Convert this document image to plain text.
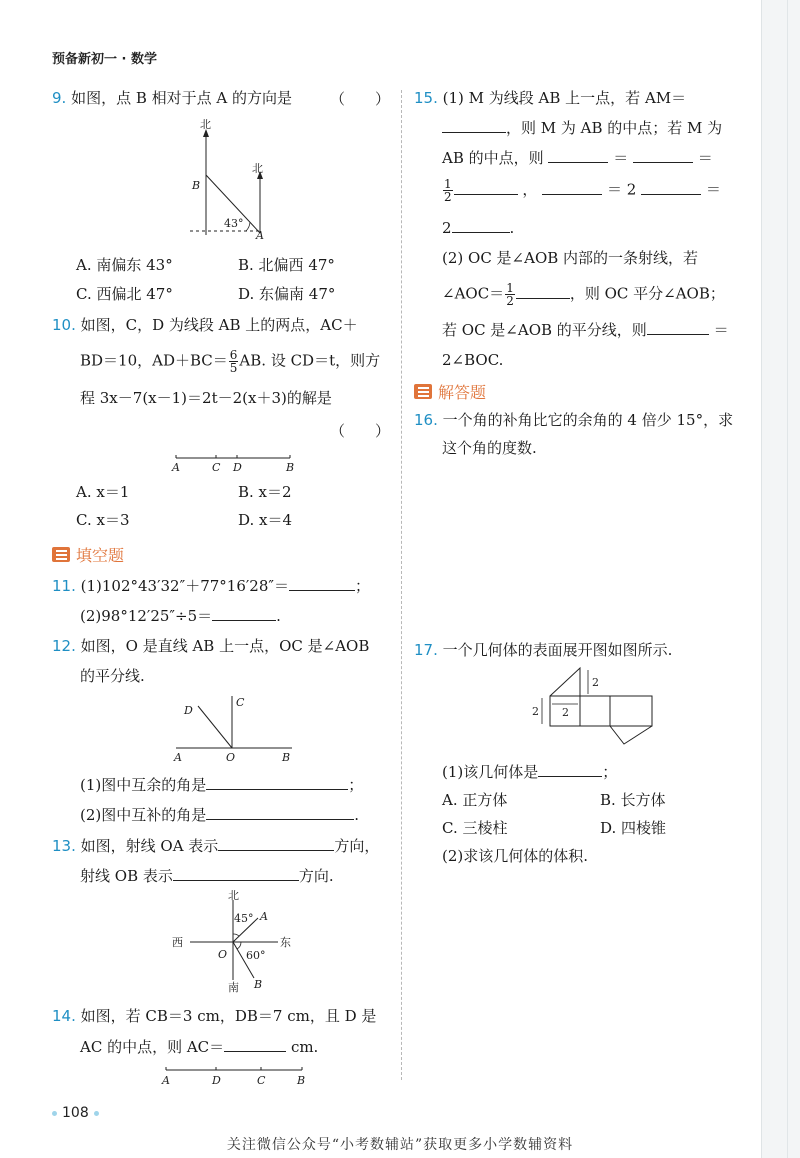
预备新初一 · 数学
9. 如图，点 B 相对于点 A 的方向是	（　　）
北
北
B
A
43°
A. 南偏东 43°	B. 北偏西 47°
C. 西偏北 47°	D. 东偏南 47°
10. 如图，C，D 为线段 AB 上的两点，AC＋
BD＝10，$AD+BC= \frac{6}{5}$ AB. 设 CD＝t，则方
程 3x－7(x－1)＝2t－2(x＋3)的解是
（　　）
A	C D	B
A. x＝1	B. x＝2
C. x＝3	D. x＝4
填空题
11. (1)102°43′32″＋77°16′28″＝	；
(2)98°12′25″÷5＝	.
12. 如图，O 是直线 AB 上一点，OC 是∠AOB
的平分线.
A	O	B
C
D
(1)图中互余的角是	；
(2)图中互补的角是	.
13. 如图，射线 OA 表示	方向，
射线 OB 表示	方向.
北
南
西	东
O
A
B
45°
60°
14. 如图，若 CB＝3 cm，DB＝7 cm，且 D 是
AC 的中点，则 AC＝	cm.
A	D	C	B
15. (1) M 为线段 AB 上一点，若 AM＝
，则 M 为 AB 的中点；若 M 为
AB 的中点，则	＝	＝
$\frac{1}{2}$	，	＝ 2	＝
2	.
(2) OC 是∠AOB 内部的一条射线，若
∠AOC＝ $\frac{1}{2}$	，则 OC 平分∠AOB；
若 OC 是∠AOB 的平分线，则	＝
2∠BOC.
解答题
16. 一个角的补角比它的余角的 4 倍少 15°，求
这个角的度数.
17. 一个几何体的表面展开图如图所示.
2
2 2
(1)该几何体是	；
A. 正方体	B. 长方体
C. 三棱柱	D. 四棱锥
(2)求该几何体的体积.
108
关注微信公众号“小考数辅站”获取更多小学数辅资料
